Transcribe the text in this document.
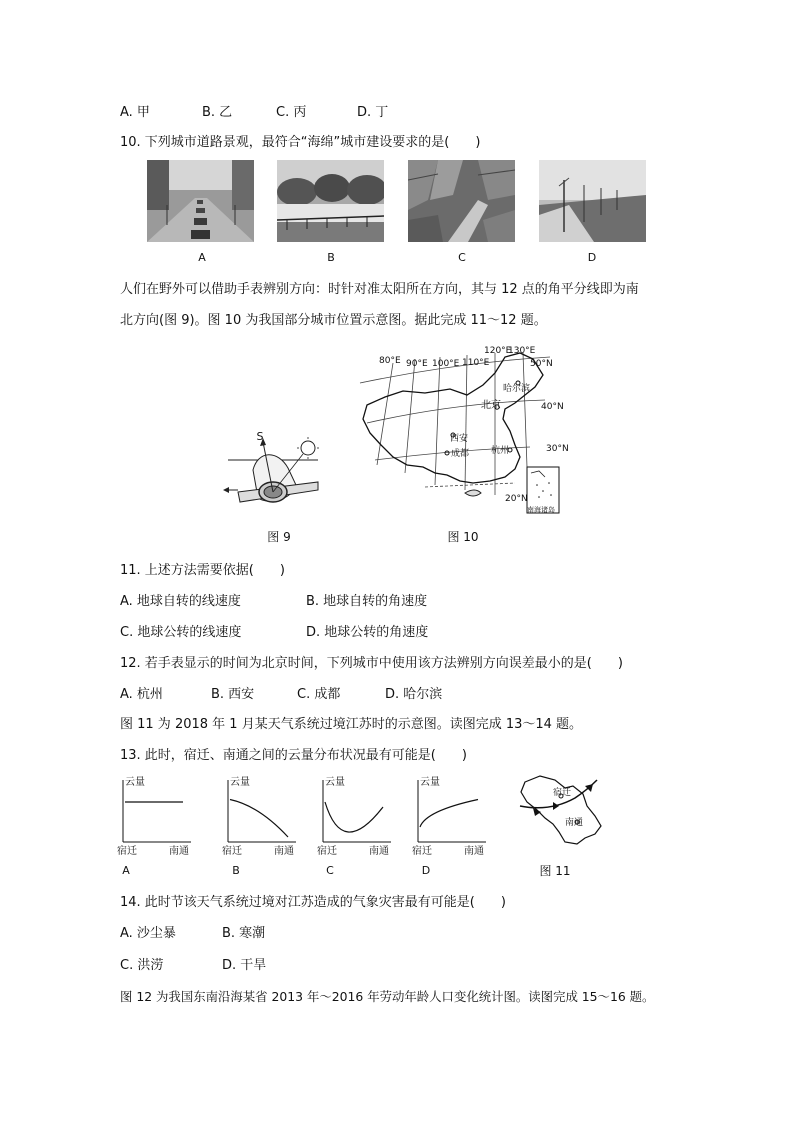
A. 甲	B. 乙	C. 丙	D. 丁
10. 下列城市道路景观，最符合“海绵”城市建设要求的是(　　)
A	B	C	D
人们在野外可以借助手表辨别方向：时针对准太阳所在方向，其与 12 点的角平分线即为南
北方向(图 9)。图 10 为我国部分城市位置示意图。据此完成 11～12 题。
S
图 9
80°E 90°E 100°E 110°E
120°E
130°E
50°N
40°N
30°N
20°N
哈尔滨
北京
西安
成都 杭州
南海诸岛
图 10
11. 上述方法需要依据(　　)
A. 地球自转的线速度	B. 地球自转的角速度
C. 地球公转的线速度	D. 地球公转的角速度
12. 若手表显示的时间为北京时间，下列城市中使用该方法辨别方向误差最小的是(　　)
A. 杭州	B. 西安	C. 成都	D. 哈尔滨
图 11 为 2018 年 1 月某天气系统过境江苏时的示意图。读图完成 13～14 题。
13. 此时，宿迁、南通之间的云量分布状况最有可能是(　　)
云量
宿迁	南通
云量
宿迁	南通
云量
宿迁	南通
云量
宿迁	南通
A	B	C	D
宿迁
南通
图 11
14. 此时节该天气系统过境对江苏造成的气象灾害最有可能是(　　)
A. 沙尘暴	B. 寒潮
C. 洪涝	D. 干旱
图 12 为我国东南沿海某省 2013 年～2016 年劳动年龄人口变化统计图。读图完成 15～16 题。
